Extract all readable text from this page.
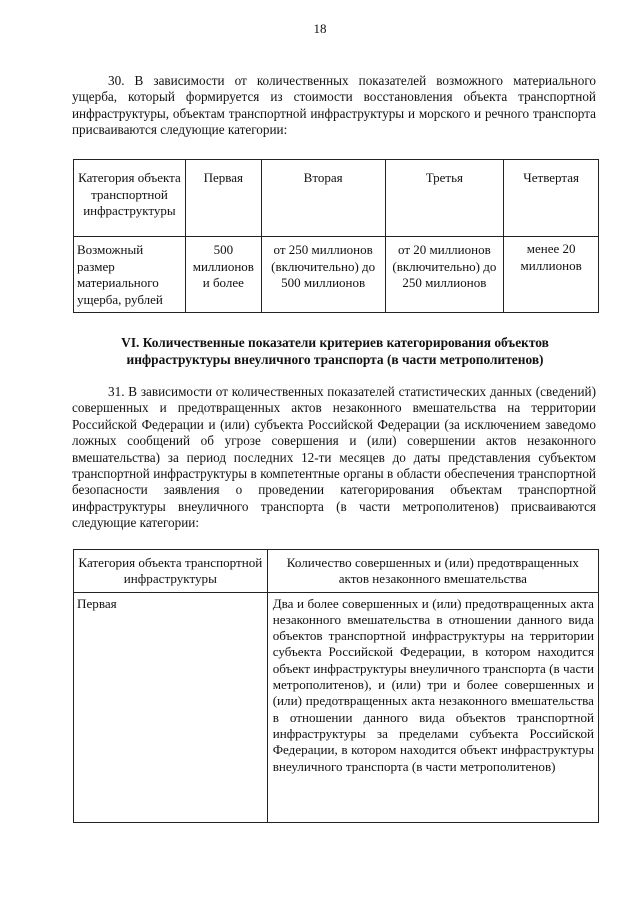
18

30. В зависимости от количественных показателей возможного материального ущерба, который формируется из стоимости восстановления объекта транспортной инфраструктуры, объектам транспортной инфраструктуры и морского и речного транспорта присваиваются следующие категории:

Категория объекта транспортной инфраструктуры	Первая	Вторая	Третья	Четвертая
Возможный размер материального ущерба, рублей	500 миллионов и более	от 250 миллионов (включительно) до 500 миллионов	от 20 миллионов (включительно) до 250 миллионов	менее 20 миллионов
VI. Количественные показатели критериев категорирования объектов инфраструктуры внеуличного транспорта (в части метрополитенов)

31. В зависимости от количественных показателей статистических данных (сведений) совершенных и предотвращенных актов незаконного вмешательства на территории Российской Федерации и (или) субъекта Российской Федерации (за исключением заведомо ложных сообщений об угрозе совершения и (или) совершении актов незаконного вмешательства) за период последних 12-ти месяцев до даты представления субъектом транспортной инфраструктуры в компетентные органы в области обеспечения транспортной безопасности заявления о проведении категорирования объектам транспортной инфраструктуры внеуличного транспорта (в части метрополитенов) присваиваются следующие категории:

Категория объекта транспортной инфраструктуры	Количество совершенных и (или) предотвращенных актов незаконного вмешательства
Первая	Два и более совершенных и (или) предотвращенных акта незаконного вмешательства в отношении данного вида объектов транспортной инфраструктуры на территории субъекта Российской Федерации, в котором находится объект инфраструктуры внеуличного транспорта (в части метрополитенов), и (или) три и более совершенных и (или) предотвращенных акта незаконного вмешательства в отношении данного вида объектов транспортной инфраструктуры за пределами субъекта Российской Федерации, в котором находится объект инфраструктуры внеуличного транспорта (в части метрополитенов)
